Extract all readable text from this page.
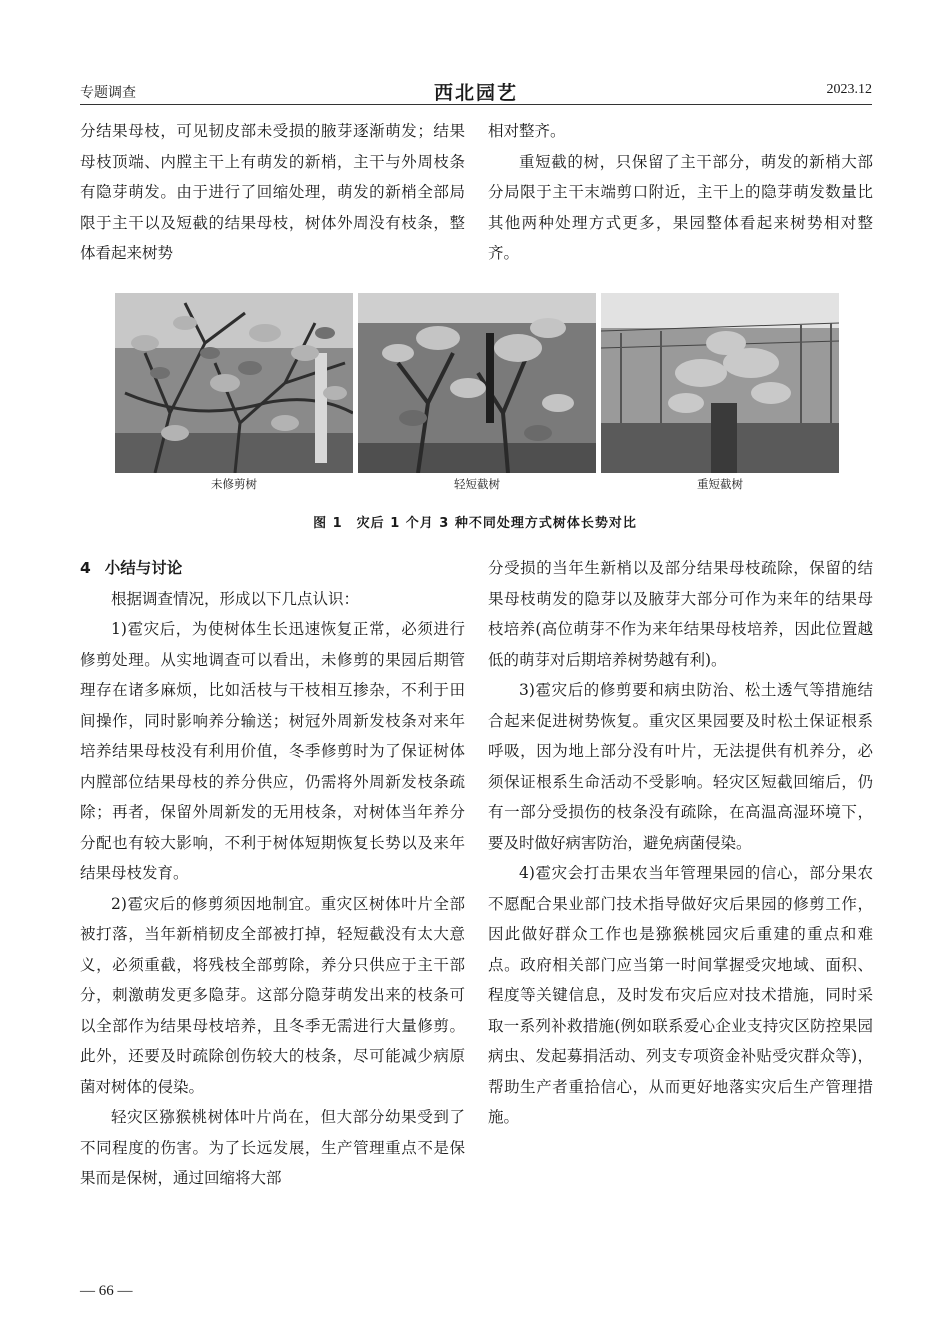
专题调查	西北园艺	2023.12

分结果母枝，可见韧皮部未受损的腋芽逐渐萌发；结果母枝顶端、内膛主干上有萌发的新梢，主干与外周枝条有隐芽萌发。由于进行了回缩处理，萌发的新梢全部局限于主干以及短截的结果母枝，树体外周没有枝条，整体看起来树势

相对整齐。

重短截的树，只保留了主干部分，萌发的新梢大部分局限于主干末端剪口附近，主干上的隐芽萌发数量比其他两种处理方式更多，果园整体看起来树势相对整齐。

未修剪树	轻短截树	重短截树
图 1　灾后 1 个月 3 种不同处理方式树体长势对比
4 小结与讨论

根据调查情况，形成以下几点认识：

1)雹灾后，为使树体生长迅速恢复正常，必须进行修剪处理。从实地调查可以看出，未修剪的果园后期管理存在诸多麻烦，比如活枝与干枝相互掺杂，不利于田间操作，同时影响养分输送；树冠外周新发枝条对来年培养结果母枝没有利用价值，冬季修剪时为了保证树体内膛部位结果母枝的养分供应，仍需将外周新发枝条疏除；再者，保留外周新发的无用枝条，对树体当年养分分配也有较大影响，不利于树体短期恢复长势以及来年结果母枝发育。

2)雹灾后的修剪须因地制宜。重灾区树体叶片全部被打落，当年新梢韧皮全部被打掉，轻短截没有太大意义，必须重截，将残枝全部剪除，养分只供应于主干部分，刺激萌发更多隐芽。这部分隐芽萌发出来的枝条可以全部作为结果母枝培养，且冬季无需进行大量修剪。此外，还要及时疏除创伤较大的枝条，尽可能减少病原菌对树体的侵染。

轻灾区猕猴桃树体叶片尚在，但大部分幼果受到了不同程度的伤害。为了长远发展，生产管理重点不是保果而是保树，通过回缩将大部

分受损的当年生新梢以及部分结果母枝疏除，保留的结果母枝萌发的隐芽以及腋芽大部分可作为来年的结果母枝培养(高位萌芽不作为来年结果母枝培养，因此位置越低的萌芽对后期培养树势越有利)。

3)雹灾后的修剪要和病虫防治、松土透气等措施结合起来促进树势恢复。重灾区果园要及时松土保证根系呼吸，因为地上部分没有叶片，无法提供有机养分，必须保证根系生命活动不受影响。轻灾区短截回缩后，仍有一部分受损伤的枝条没有疏除，在高温高湿环境下，要及时做好病害防治，避免病菌侵染。

4)雹灾会打击果农当年管理果园的信心，部分果农不愿配合果业部门技术指导做好灾后果园的修剪工作，因此做好群众工作也是猕猴桃园灾后重建的重点和难点。政府相关部门应当第一时间掌握受灾地域、面积、程度等关键信息，及时发布灾后应对技术措施，同时采取一系列补救措施(例如联系爱心企业支持灾区防控果园病虫、发起募捐活动、列支专项资金补贴受灾群众等)，帮助生产者重拾信心，从而更好地落实灾后生产管理措施。

— 66 —
